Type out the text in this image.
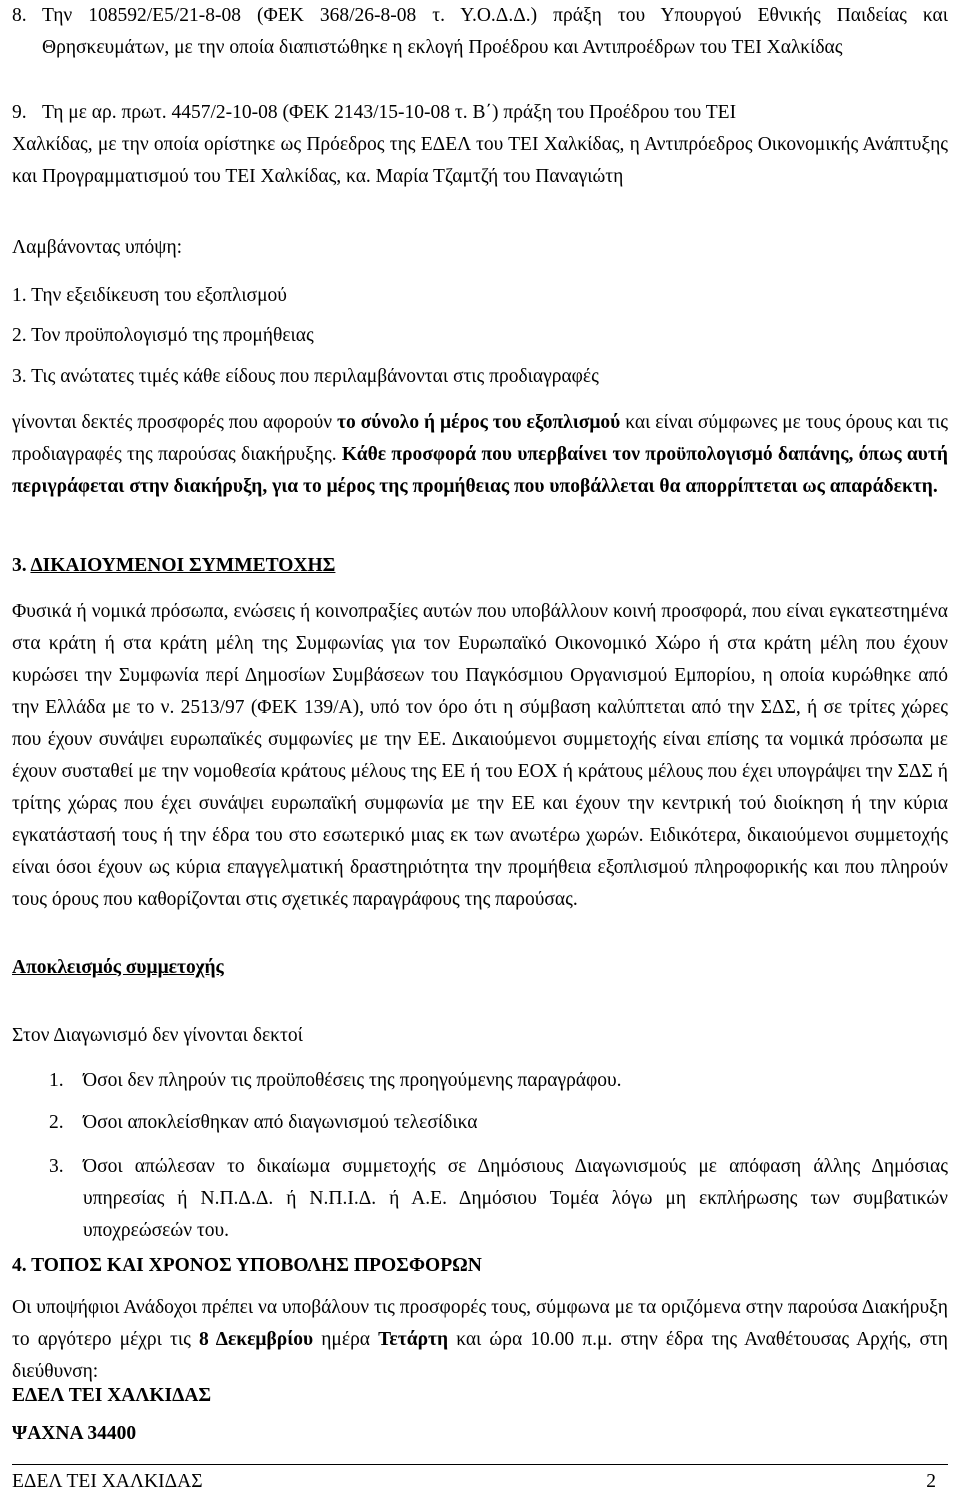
8. Την 108592/Ε5/21-8-08 (ΦΕΚ 368/26-8-08 τ. Υ.Ο.Δ.Δ.) πράξη του Υπουργού Εθνικής Παιδείας και Θρησκευμάτων, με την οποία διαπιστώθηκε η εκλογή Προέδρου και Αντιπροέδρων του ΤΕΙ Χαλκίδας
9. Τη με αρ. πρωτ. 4457/2-10-08 (ΦΕΚ 2143/15-10-08 τ. Β΄) πράξη του Προέδρου του ΤΕΙ

Χαλκίδας, με την οποία ορίστηκε ως Πρόεδρος της ΕΔΕΛ του ΤΕΙ Χαλκίδας, η Αντιπρόεδρος Οικονομικής Ανάπτυξης και Προγραμματισμού του ΤΕΙ Χαλκίδας, κα. Μαρία Τζαμτζή του Παναγιώτη

Λαμβάνοντας υπόψη:

1. Την εξειδίκευση του εξοπλισμού

2. Τον προϋπολογισμό της προμήθειας

3. Τις ανώτατες τιμές κάθε είδους που περιλαμβάνονται στις προδιαγραφές

γίνονται δεκτές προσφορές που αφορούν το σύνολο ή μέρος του εξοπλισμού και είναι σύμφωνες με τους όρους και τις προδιαγραφές της παρούσας διακήρυξης. Κάθε προσφορά που υπερβαίνει τον προϋπολογισμό δαπάνης, όπως αυτή περιγράφεται στην διακήρυξη, για το μέρος της προμήθειας που υποβάλλεται θα απορρίπτεται ως απαράδεκτη.

3. ΔΙΚΑΙΟΥΜΕΝΟΙ ΣΥΜΜΕΤΟΧΗΣ

Φυσικά ή νομικά πρόσωπα, ενώσεις ή κοινοπραξίες αυτών που υποβάλλουν κοινή προσφορά, που είναι εγκατεστημένα στα κράτη ή στα κράτη μέλη της Συμφωνίας για τον Ευρωπαϊκό Οικονομικό Χώρο ή στα κράτη μέλη που έχουν κυρώσει την Συμφωνία περί Δημοσίων Συμβάσεων του Παγκόσμιου Οργανισμού Εμπορίου, η οποία κυρώθηκε από την Ελλάδα με το ν. 2513/97 (ΦΕΚ 139/Α), υπό τον όρο ότι η σύμβαση καλύπτεται από την ΣΔΣ, ή σε τρίτες χώρες που έχουν συνάψει ευρωπαϊκές συμφωνίες με την ΕΕ. Δικαιούμενοι συμμετοχής είναι επίσης τα νομικά πρόσωπα με έχουν συσταθεί με την νομοθεσία κράτους μέλους της ΕΕ ή του ΕΟΧ ή κράτους μέλους που έχει υπογράψει την ΣΔΣ ή τρίτης χώρας που έχει συνάψει ευρωπαϊκή συμφωνία με την ΕΕ και έχουν την κεντρική τού διοίκηση ή την κύρια εγκατάστασή τους ή την έδρα του στο εσωτερικό μιας εκ των ανωτέρω χωρών. Ειδικότερα, δικαιούμενοι συμμετοχής είναι όσοι έχουν ως κύρια επαγγελματική δραστηριότητα την προμήθεια εξοπλισμού πληροφορικής και που πληρούν τους όρους που καθορίζονται στις σχετικές παραγράφους της παρούσας.

Αποκλεισμός συμμετοχής

Στον Διαγωνισμό δεν γίνονται δεκτοί

1. Όσοι δεν πληρούν τις προϋποθέσεις της προηγούμενης παραγράφου.
2. Όσοι αποκλείσθηκαν από διαγωνισμού τελεσίδικα
3. Όσοι απώλεσαν το δικαίωμα συμμετοχής σε Δημόσιους Διαγωνισμούς με απόφαση άλλης Δημόσιας υπηρεσίας ή Ν.Π.Δ.Δ. ή Ν.Π.Ι.Δ. ή Α.Ε. Δημόσιου Τομέα λόγω μη εκπλήρωσης των συμβατικών υποχρεώσεών του.

4. ΤΟΠΟΣ ΚΑΙ ΧΡΟΝΟΣ ΥΠΟΒΟΛΗΣ ΠΡΟΣΦΟΡΩΝ

Οι υποψήφιοι Ανάδοχοι πρέπει να υποβάλουν τις προσφορές τους, σύμφωνα με τα οριζόμενα στην παρούσα Διακήρυξη το αργότερο μέχρι τις 8 Δεκεμβρίου ημέρα Τετάρτη και ώρα 10.00 π.μ. στην έδρα της Αναθέτουσας Αρχής, στη διεύθυνση:

ΕΔΕΛ ΤΕΙ ΧΑΛΚΙΔΑΣ

ΨΑΧΝΑ 34400

ΕΔΕΛ ΤΕΙ ΧΑΛΚΙΔΑΣ	2
